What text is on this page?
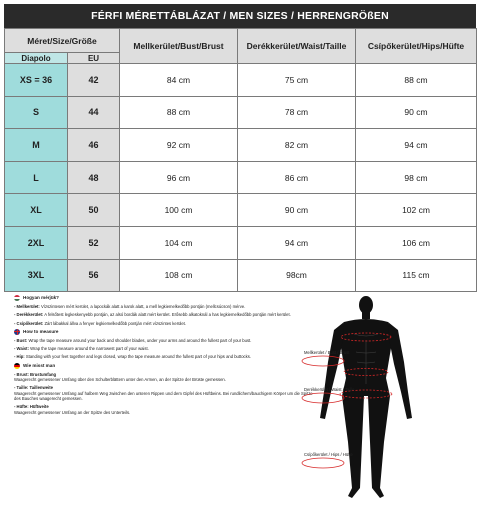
FÉRFI MÉRETTÁBLÁZAT / MEN SIZES / HERRENGRÖßEN
Méret/Size/Größe		Mellkerület/Bust/Brust	Derékkerület/Waist/Taille	Csípőkerület/Hips/Hüfte
Diapolo	EU			
XS = 36	42	84 cm	75 cm	88 cm
S	44	88 cm	78 cm	90 cm
M	46	92 cm	82 cm	94 cm
L	48	96 cm	86 cm	98 cm
XL	50	100 cm	90 cm	102 cm
2XL	52	104 cm	94 cm	106 cm
3XL	56	108 cm	98cm	115 cm
Hogyan mérjük?

- Mellkerület: Vízszintesen mért kerület, a lapockák alatt a karok alatt, a mell legkiemelkedőbb pontján (mellcsúcson) mérve.

- Derékkerület: A felsőtest legkeskenyebb pontján, az alsó bordák alatt mért kerület. Erősebb alkatoknál a has legkiemelkedőbb pontján mért kerület.

- Csípőkerület: Zárt lábakkal állva a fenyer legkiemelkedőbb pontján mért vízszintes kerület.

How to measure

- Bust: Wrap the tape measure around your back and shoulder blades, under your arms and around the fullest part of your bust.

- Waist: Wrap the tape measure around the narrowest part of your waist.

- Hip: Standing with your feet together and legs closed, wrap the tape measure around the fullest part of your hips and buttocks.

Wie misst man

- Brust: Brustumfang
Waagerecht gemessener Umfang über den Schulterblättern unter den Armen, an der Spitze der Brüste gemessen.

- Taille: Taillenweite
Waagerecht gemessener Umfang auf halbem Weg zwischen den unteren Rippen und dem Gipfel des Hüftbeins. Bei rundlichem/bauchigem Körper um die Spitze des Bauches waagerecht gemessen.

- Hüfte: Hüftweite
Waagerecht gemessener Umfang an der Spitze des Unterteils.

Mellkerület / Bust / Brust
Derékkerület / Waist / Taille
Csípőkerület / Hips / Hüfte
